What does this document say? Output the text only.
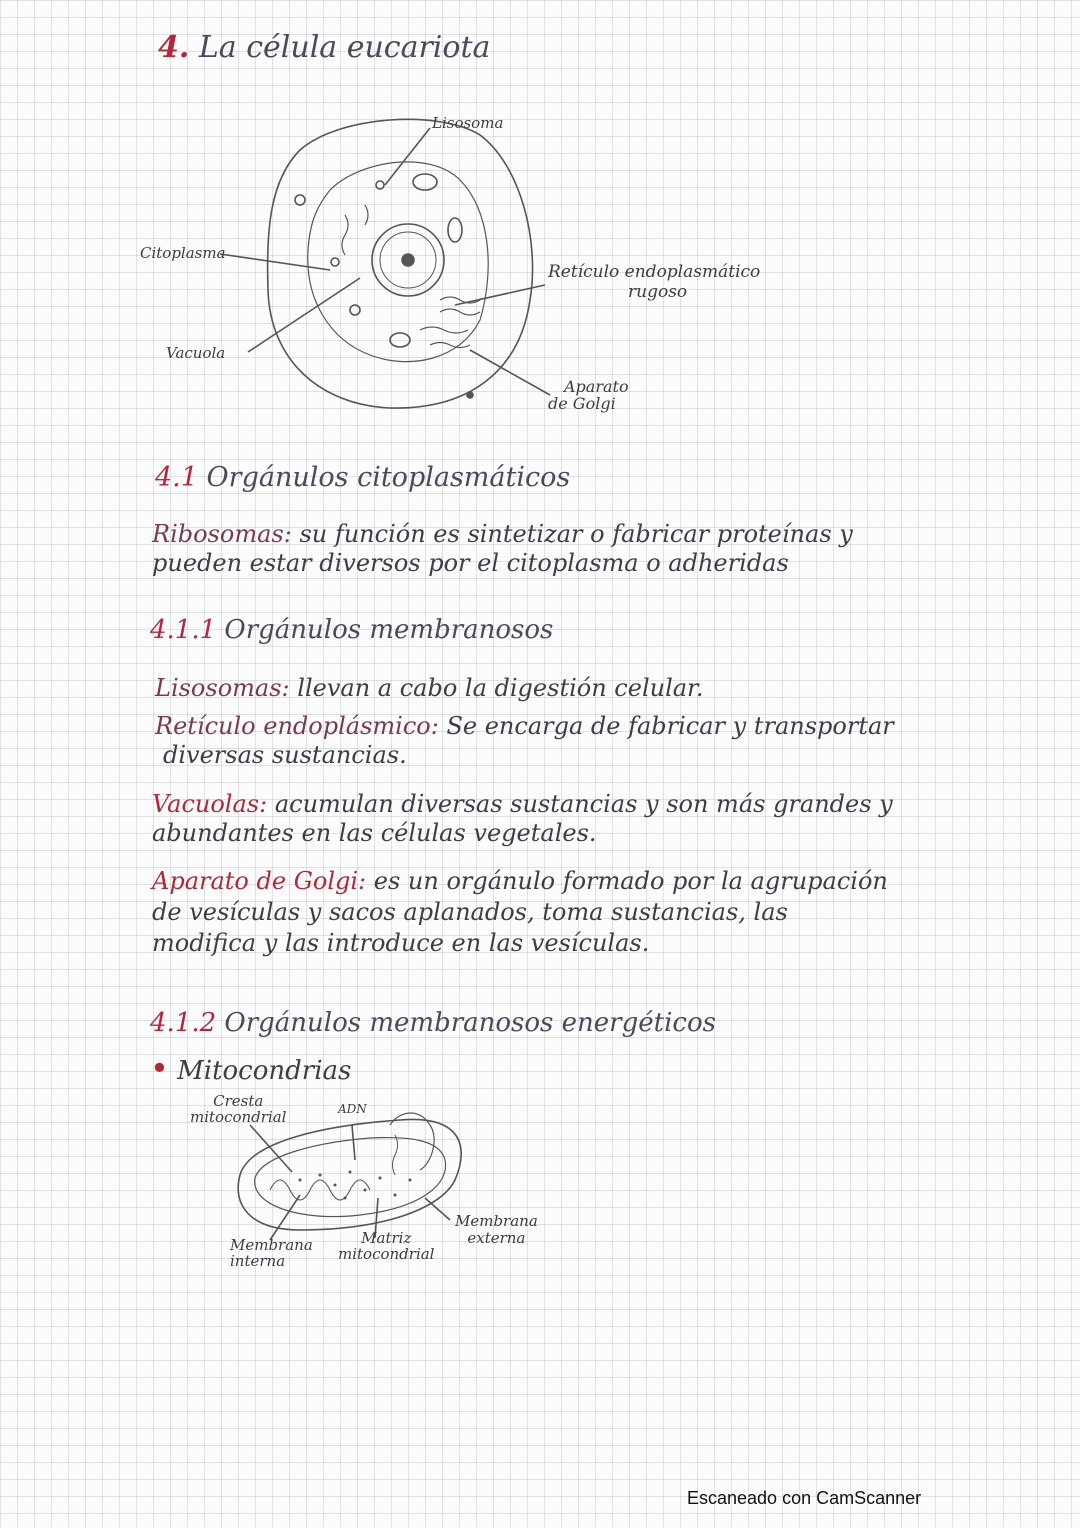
4. La célula eucariota
Lisosoma
Citoplasma
Vacuola
Retículo endoplasmático
rugoso
Aparato
de Golgi
4.1 Orgánulos citoplasmáticos
Ribosomas: su función es sintetizar o fabricar proteínas y
pueden estar diversos por el citoplasma o adheridas
4.1.1 Orgánulos membranosos
Lisosomas: llevan a cabo la digestión celular.
Retículo endoplásmico: Se encarga de fabricar y transportar
diversas sustancias.
Vacuolas: acumulan diversas sustancias y son más grandes y
abundantes en las células vegetales.
Aparato de Golgi: es un orgánulo formado por la agrupación
de vesículas y sacos aplanados, toma sustancias, las
modifica y las introduce en las vesículas.
4.1.2 Orgánulos membranosos energéticos
• Mitocondrias
Cresta
mitocondrial	ADN
Membrana
interna
Matriz
mitocondrial
Membrana
externa
Escaneado con CamScanner
